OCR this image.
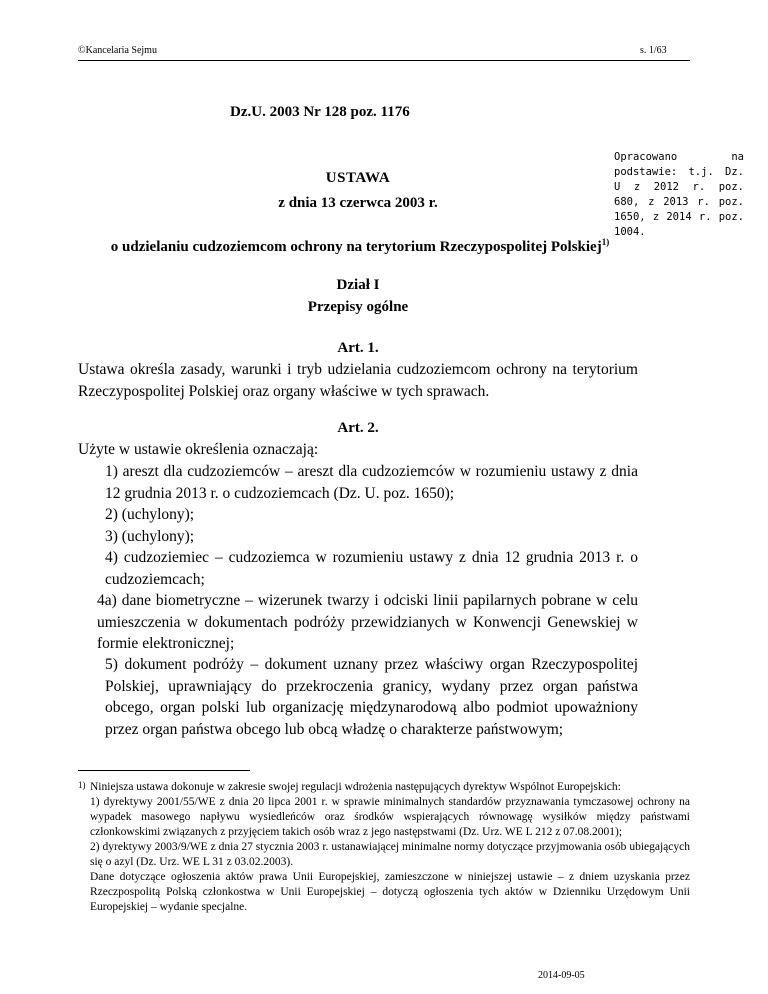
©Kancelaria Sejmu	s. 1/63
Dz.U. 2003 Nr 128 poz. 1176
Opracowano na podstawie: t.j. Dz. U z 2012 r. poz. 680, z 2013 r. poz. 1650, z 2014 r. poz. 1004.
USTAWA
z dnia 13 czerwca 2003 r.
o udzielaniu cudzoziemcom ochrony na terytorium Rzeczypospolitej Polskiej$^{1)}$
Dział I
Przepisy ogólne
Art. 1.
Ustawa określa zasady, warunki i tryb udzielania cudzoziemcom ochrony na terytorium Rzeczypospolitej Polskiej oraz organy właściwe w tych sprawach.
Art. 2.
Użyte w ustawie określenia oznaczają:
1) areszt dla cudzoziemców – areszt dla cudzoziemców w rozumieniu ustawy z dnia 12 grudnia 2013 r. o cudzoziemcach (Dz. U. poz. 1650);
2) (uchylony);
3) (uchylony);
4) cudzoziemiec – cudzoziemca w rozumieniu ustawy z dnia 12 grudnia 2013 r. o cudzoziemcach;
4a) dane biometryczne – wizerunek twarzy i odciski linii papilarnych pobrane w celu umieszczenia w dokumentach podróży przewidzianych w Konwencji Genewskiej w formie elektronicznej;
5) dokument podróży – dokument uznany przez właściwy organ Rzeczypospolitej Polskiej, uprawniający do przekroczenia granicy, wydany przez organ państwa obcego, organ polski lub organizację międzynarodową albo podmiot upoważniony przez organ państwa obcego lub obcą władzę o charakterze państwowym;
1) Niniejsza ustawa dokonuje w zakresie swojej regulacji wdrożenia następujących dyrektyw Wspólnot Europejskich:
1) dyrektywy 2001/55/WE z dnia 20 lipca 2001 r. w sprawie minimalnych standardów przyznawania tymczasowej ochrony na wypadek masowego napływu wysiedleńców oraz środków wspierających równowagę wysiłków między państwami członkowskimi związanych z przyjęciem takich osób wraz z jego następstwami (Dz. Urz. WE L 212 z 07.08.2001);
2) dyrektywy 2003/9/WE z dnia 27 stycznia 2003 r. ustanawiającej minimalne normy dotyczące przyjmowania osób ubiegających się o azyl (Dz. Urz. WE L 31 z 03.02.2003).
Dane dotyczące ogłoszenia aktów prawa Unii Europejskiej, zamieszczone w niniejszej ustawie – z dniem uzyskania przez Rzeczpospolitą Polską członkostwa w Unii Europejskiej – dotyczą ogłoszenia tych aktów w Dzienniku Urzędowym Unii Europejskiej – wydanie specjalne.
2014-09-05
